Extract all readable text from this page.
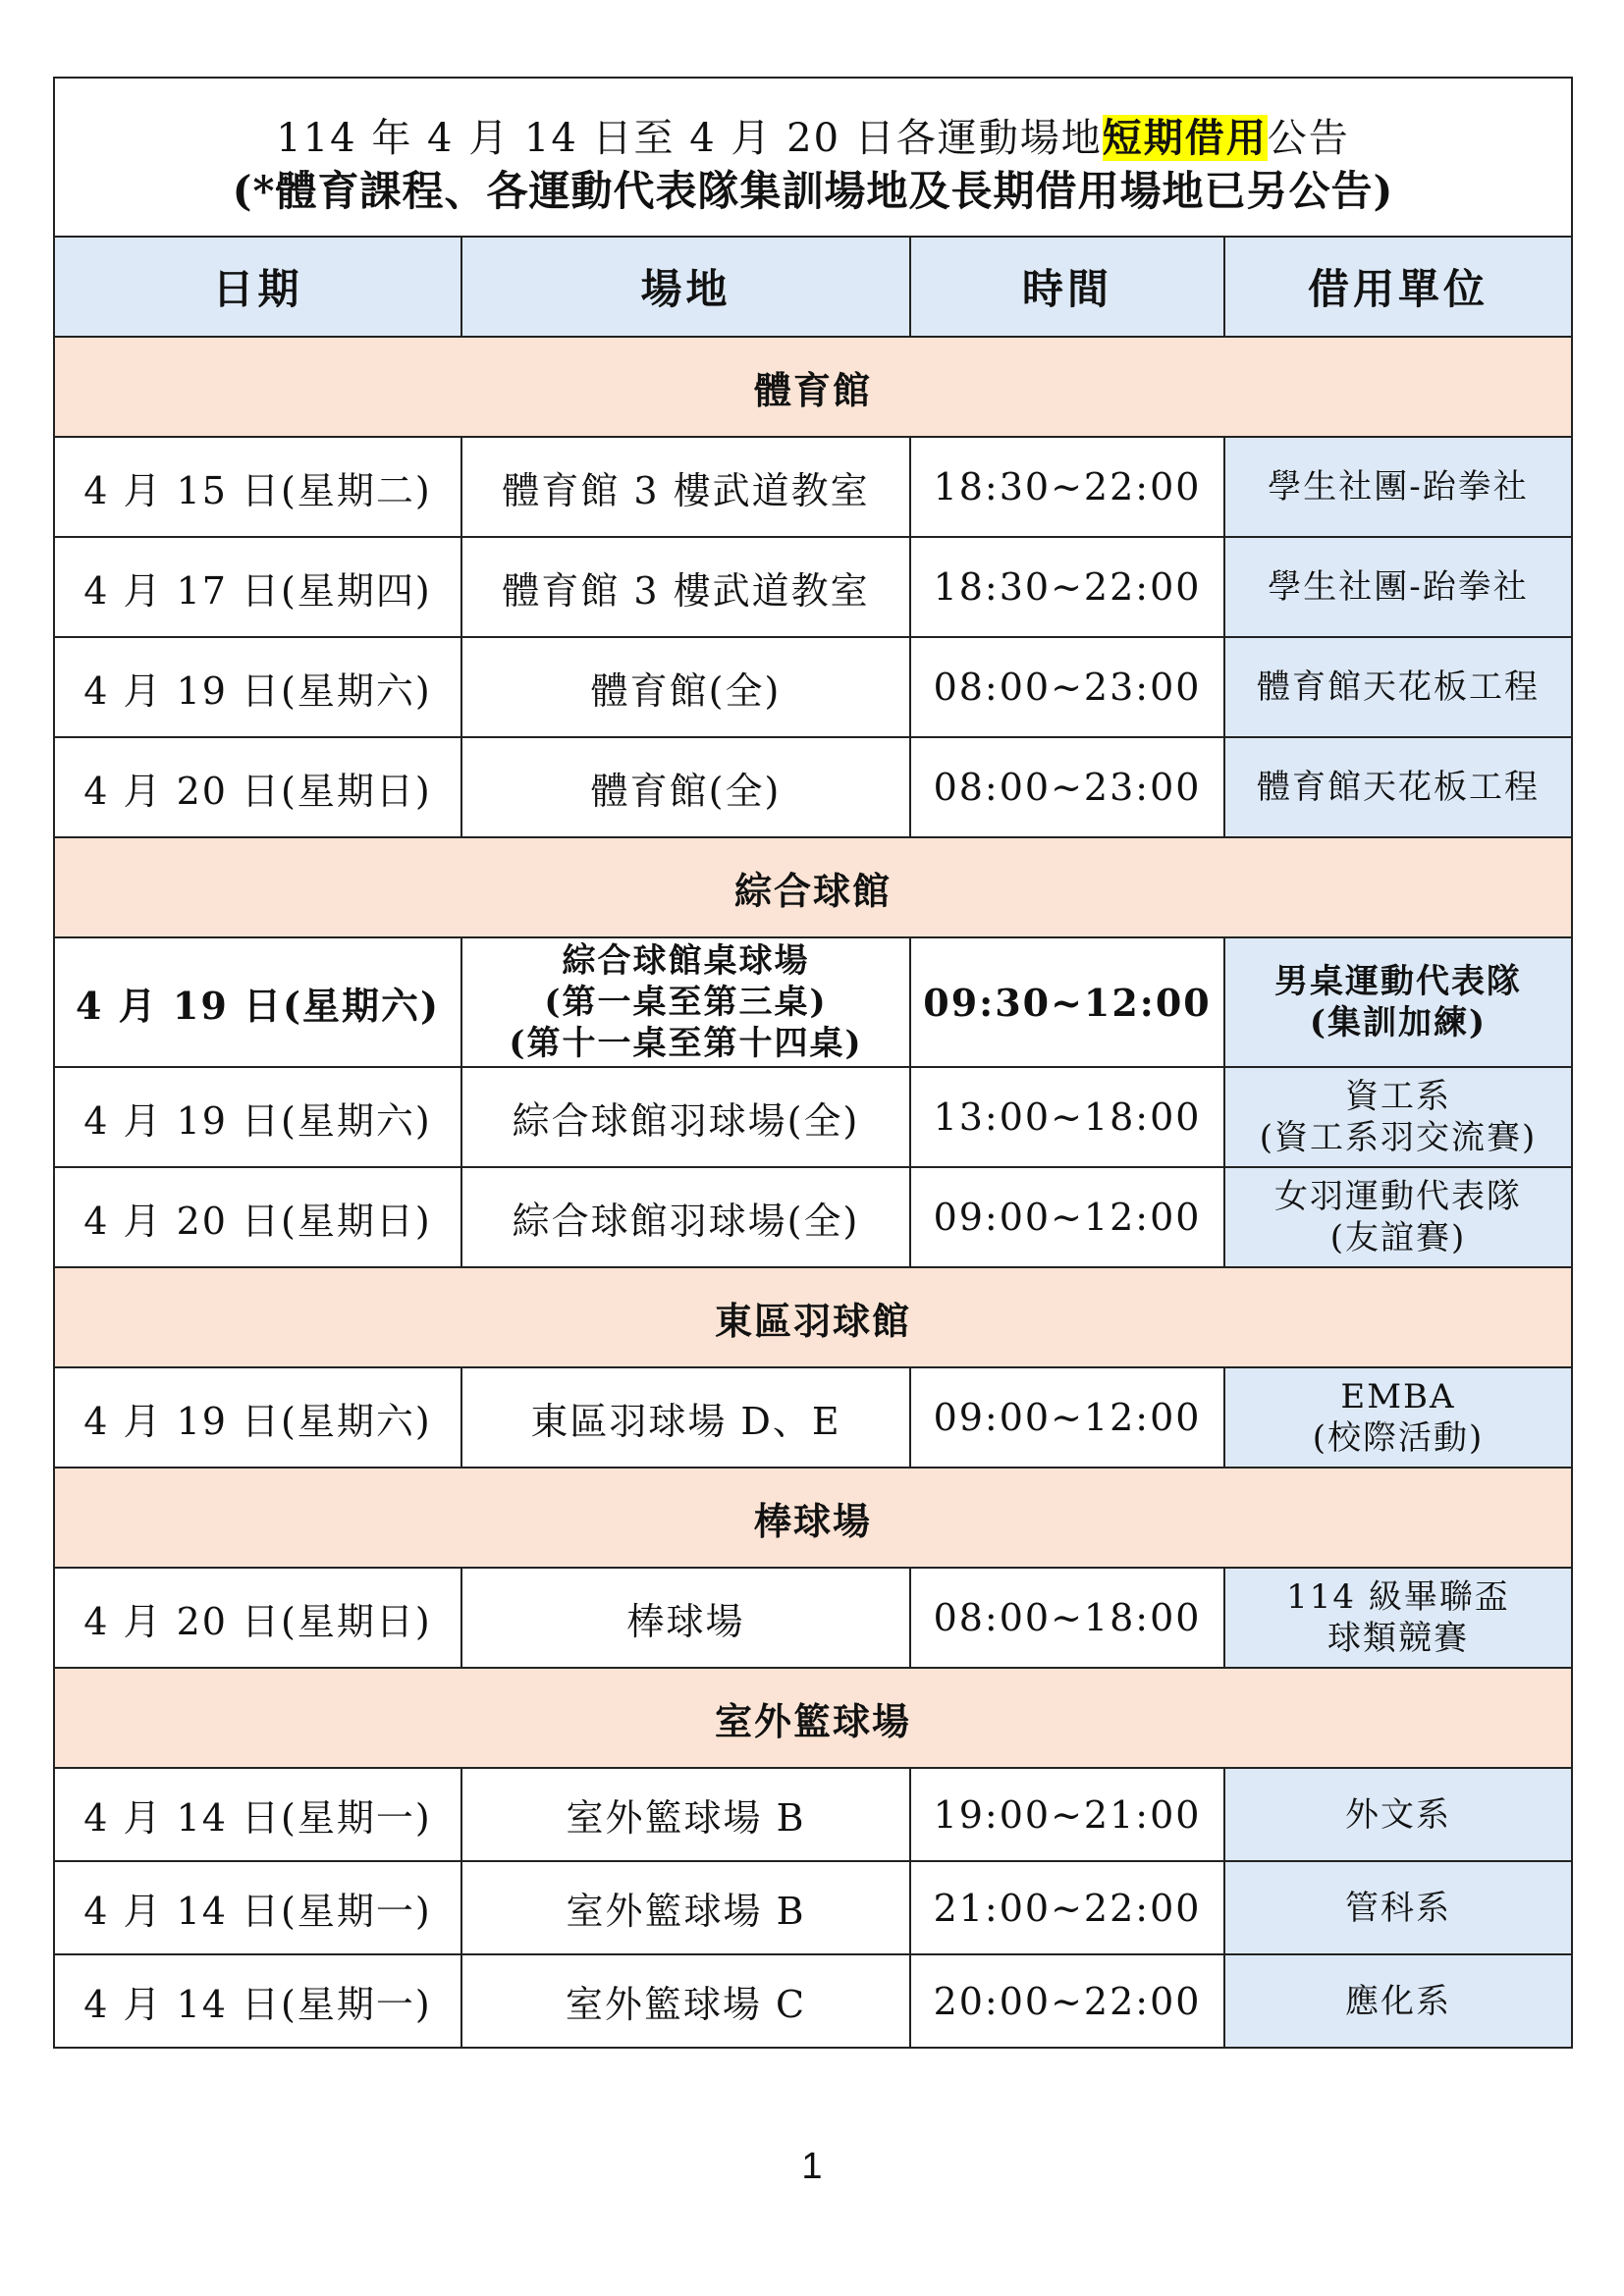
114 年 4 月 14 日至 4 月 20 日各運動場地短期借用公告
(*體育課程、各運動代表隊集訓場地及長期借用場地已另公告)			

日期	場地	時間	借用單位
體育館			
4 月 15 日(星期二)	體育館 3 樓武道教室	18:30~22:00	學生社團-跆拳社
4 月 17 日(星期四)	體育館 3 樓武道教室	18:30~22:00	學生社團-跆拳社
4 月 19 日(星期六)	體育館(全)	08:00~23:00	體育館天花板工程
4 月 20 日(星期日)	體育館(全)	08:00~23:00	體育館天花板工程
綜合球館			
4 月 19 日(星期六)	綜合球館桌球場
(第一桌至第三桌)
(第十一桌至第十四桌)	09:30~12:00	男桌運動代表隊
(集訓加練)

4 月 19 日(星期六)	綜合球館羽球場(全)	13:00~18:00	資工系
(資工系羽交流賽)

4 月 20 日(星期日)	綜合球館羽球場(全)	09:00~12:00	女羽運動代表隊
(友誼賽)

東區羽球館			
4 月 19 日(星期六)	東區羽球場 D、E	09:00~12:00	EMBA
(校際活動)

棒球場			
4 月 20 日(星期日)	棒球場	08:00~18:00	114 級畢聯盃
球類競賽

室外籃球場			
4 月 14 日(星期一)	室外籃球場 B	19:00~21:00	外文系
4 月 14 日(星期一)	室外籃球場 B	21:00~22:00	管科系
4 月 14 日(星期一)	室外籃球場 C	20:00~22:00	應化系
1
